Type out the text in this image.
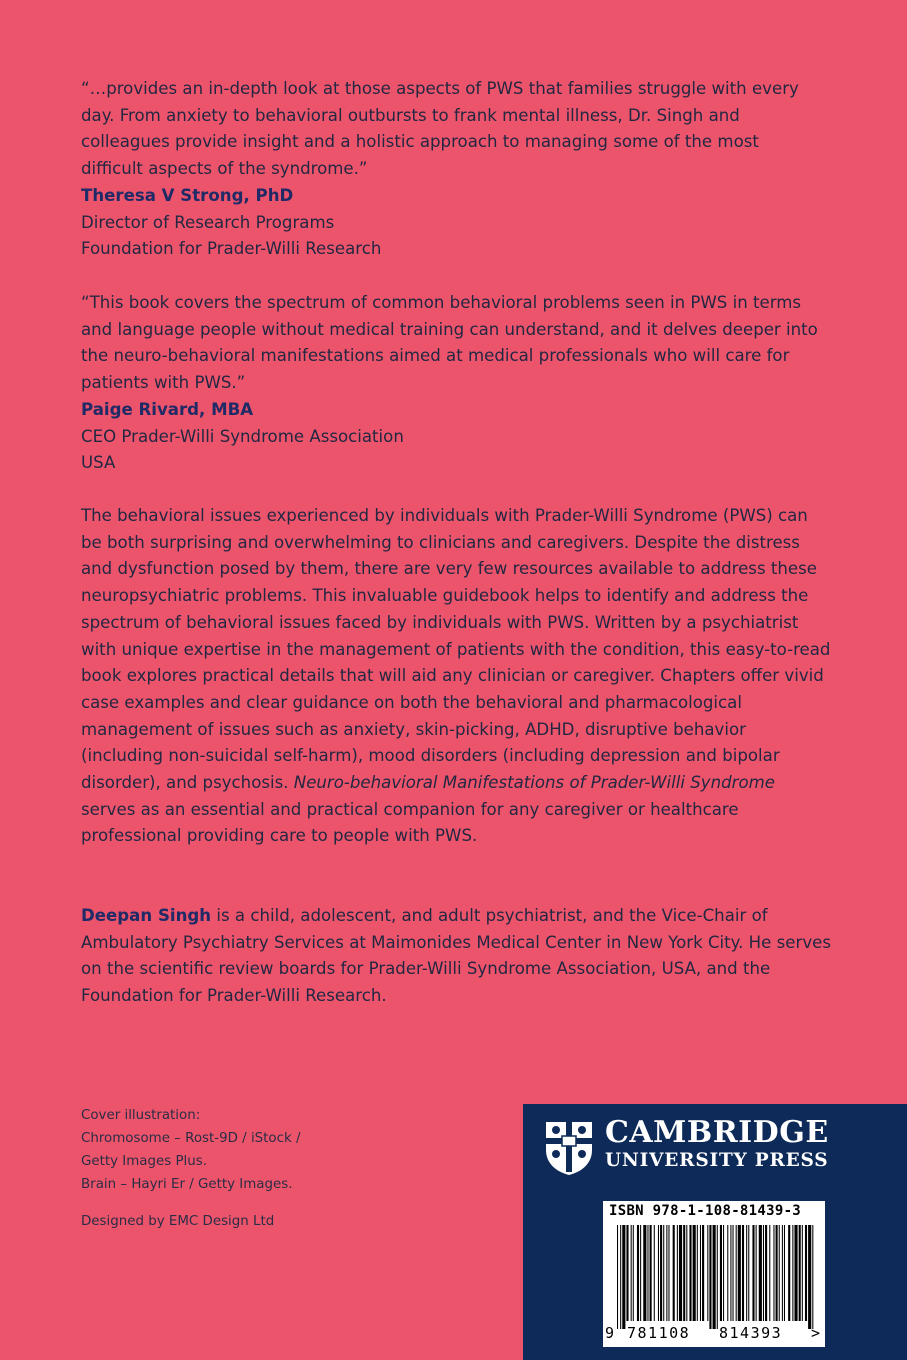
“…provides an in-depth look at those aspects of PWS that families struggle with every day. From anxiety to behavioral outbursts to frank mental illness, Dr. Singh and colleagues provide insight and a holistic approach to managing some of the most difficult aspects of the syndrome.”

Theresa V Strong, PhD
Director of Research Programs
Foundation for Prader-Willi Research

“This book covers the spectrum of common behavioral problems seen in PWS in terms and language people without medical training can understand, and it delves deeper into the neuro-behavioral manifestations aimed at medical professionals who will care for patients with PWS.”

Paige Rivard, MBA
CEO Prader-Willi Syndrome Association
USA

The behavioral issues experienced by individuals with Prader-Willi Syndrome (PWS) can be both surprising and overwhelming to clinicians and caregivers. Despite the distress and dysfunction posed by them, there are very few resources available to address these neuropsychiatric problems. This invaluable guidebook helps to identify and address the spectrum of behavioral issues faced by individuals with PWS. Written by a psychiatrist with unique expertise in the management of patients with the condition, this easy-to-read book explores practical details that will aid any clinician or caregiver. Chapters offer vivid case examples and clear guidance on both the behavioral and pharmacological management of issues such as anxiety, skin-picking, ADHD, disruptive behavior (including non-suicidal self-harm), mood disorders (including depression and bipolar disorder), and psychosis. Neuro-behavioral Manifestations of Prader-Willi Syndrome serves as an essential and practical companion for any caregiver or healthcare professional providing care to people with PWS.

Deepan Singh is a child, adolescent, and adult psychiatrist, and the Vice-Chair of Ambulatory Psychiatry Services at Maimonides Medical Center in New York City. He serves on the scientific review boards for Prader-Willi Syndrome Association, USA, and the Foundation for Prader-Willi Research.

Cover illustration:
Chromosome – Rost-9D / iStock /
Getty Images Plus.
Brain – Hayri Er / Getty Images.
Designed by EMC Design Ltd
CAMBRIDGE
UNIVERSITY PRESS
ISBN 978-1-108-81439-3
9 781108 814393 >
